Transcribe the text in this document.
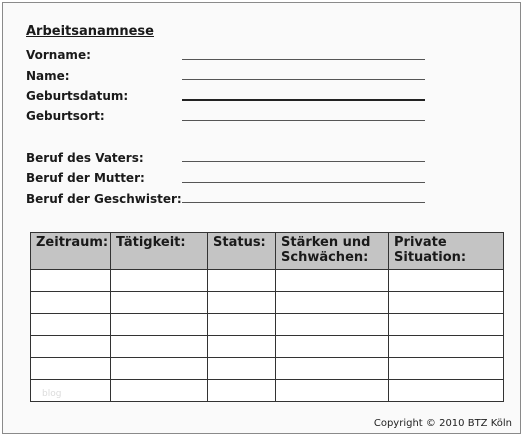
Arbeitsanamnese
Vorname:
Name:
Geburtsdatum:
Geburtsort:
Beruf des Vaters:
Beruf der Mutter:
Beruf der Geschwister:
Zeitraum:	Tätigkeit:	Status:	Stärken und Schwächen:	Private Situation:

blog
Copyright © 2010 BTZ Köln
